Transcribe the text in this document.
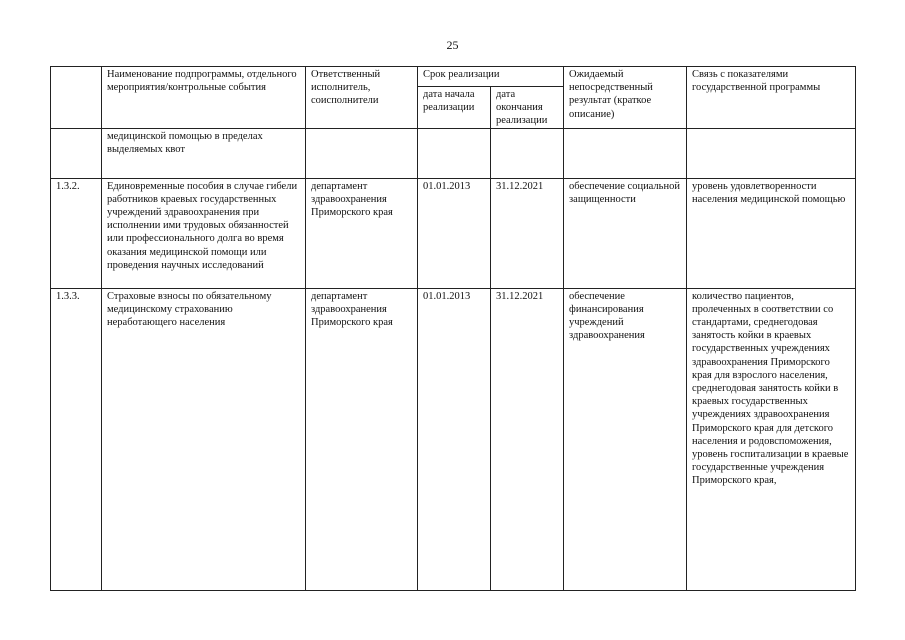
25
	Наименование подпрограммы, отдельного мероприятия/контрольные события	Ответственный исполнитель, соисполнители	Срок реализации		Ожидаемый непосредственный результат (краткое описание)	Связь с показателями государственной программы
			дата начала реализации	дата окончания реализации		
	медицинской помощью в пределах выделяемых квот					
1.3.2.	Единовременные пособия в случае гибели работников краевых государственных учреждений здравоохранения при исполнении ими трудовых обязанностей или профессионального долга во время оказания медицинской помощи или проведения научных исследований	департамент здравоохранения Приморского края	01.01.2013	31.12.2021	обеспечение социальной защищенности	уровень удовлетворенности населения медицинской помощью
1.3.3.	Страховые взносы по обязательному медицинскому страхованию неработающего населения	департамент здравоохранения Приморского края	01.01.2013	31.12.2021	обеспечение финансирования учреждений здравоохранения	количество пациентов, пролеченных в соответствии со стандартами, среднегодовая занятость койки в краевых государственных учреждениях здравоохранения Приморского края для взрослого населения, среднегодовая занятость койки в краевых государственных учреждениях здравоохранения Приморского края для детского населения и родовспоможения, уровень госпитализации в краевые государственные учреждения Приморского края,
